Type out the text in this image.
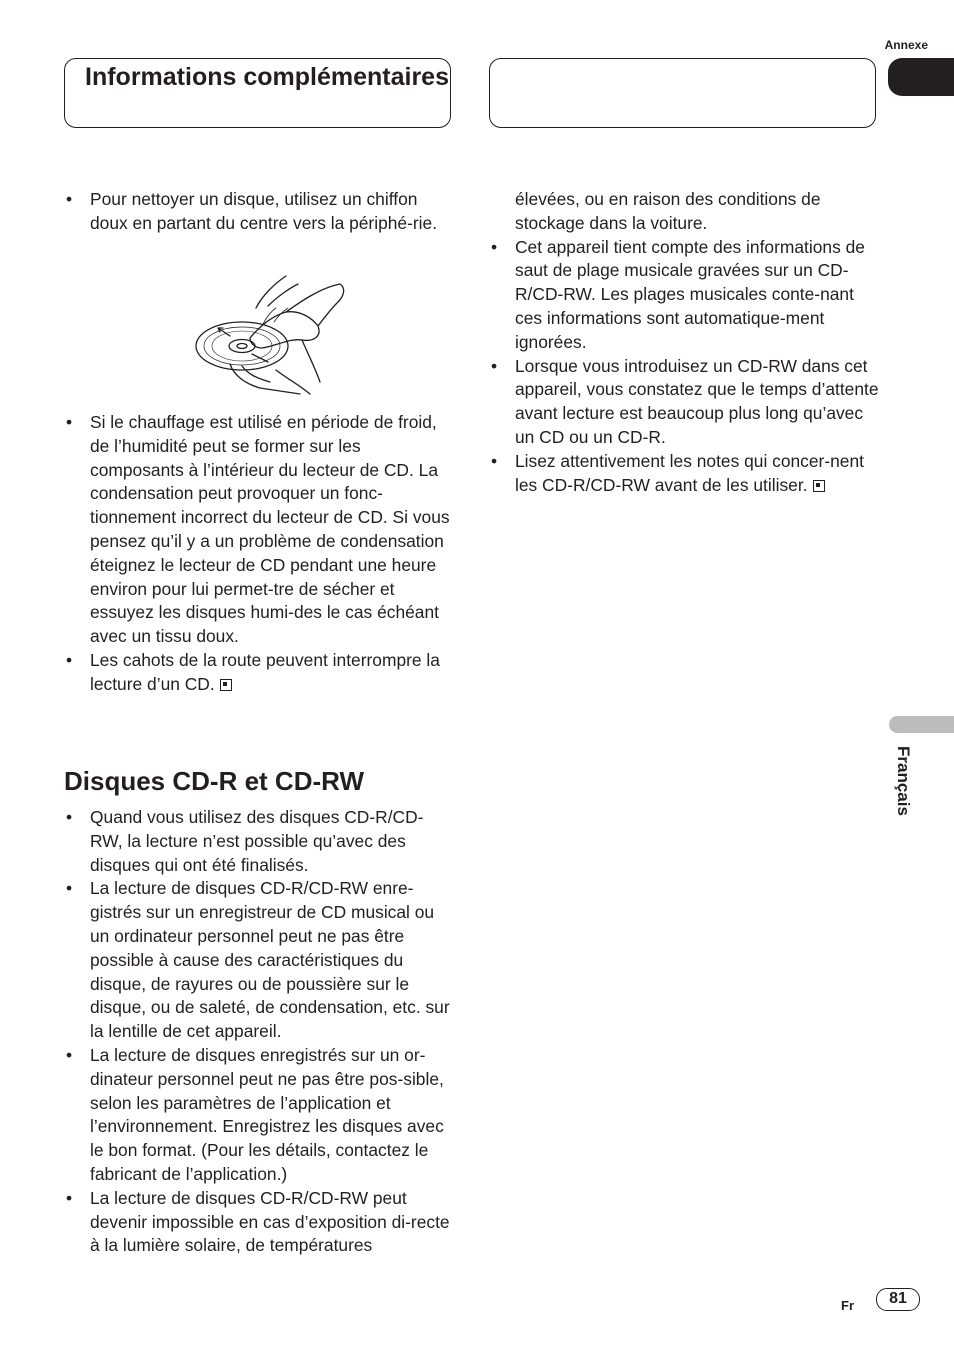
Annexe
Informations complémentaires
• Pour nettoyer un disque, utilisez un chiffon doux en partant du centre vers la périphé-rie.
• Si le chauffage est utilisé en période de froid, de l’humidité peut se former sur les composants à l’intérieur du lecteur de CD. La condensation peut provoquer un fonc-tionnement incorrect du lecteur de CD. Si vous pensez qu’il y a un problème de condensation éteignez le lecteur de CD pendant une heure environ pour lui permet-tre de sécher et essuyez les disques humi-des le cas échéant avec un tissu doux.
• Les cahots de la route peuvent interrompre la lecture d’un CD.
Disques CD-R et CD-RW
• Quand vous utilisez des disques CD-R/CD-RW, la lecture n’est possible qu’avec des disques qui ont été finalisés.
• La lecture de disques CD-R/CD-RW enre-gistrés sur un enregistreur de CD musical ou un ordinateur personnel peut ne pas être possible à cause des caractéristiques du disque, de rayures ou de poussière sur le disque, ou de saleté, de condensation, etc. sur la lentille de cet appareil.
• La lecture de disques enregistrés sur un or-dinateur personnel peut ne pas être pos-sible, selon les paramètres de l’application et l’environnement. Enregistrez les disques avec le bon format. (Pour les détails, contactez le fabricant de l’application.)
• La lecture de disques CD-R/CD-RW peut devenir impossible en cas d’exposition di-recte à la lumière solaire, de températures

élevées, ou en raison des conditions de stockage dans la voiture.

• Cet appareil tient compte des informations de saut de plage musicale gravées sur un CD-R/CD-RW. Les plages musicales conte-nant ces informations sont automatique-ment ignorées.
• Lorsque vous introduisez un CD-RW dans cet appareil, vous constatez que le temps d’attente avant lecture est beaucoup plus long qu’avec un CD ou un CD-R.
• Lisez attentivement les notes qui concer-nent les CD-R/CD-RW avant de les utiliser.
Français
Fr	81
